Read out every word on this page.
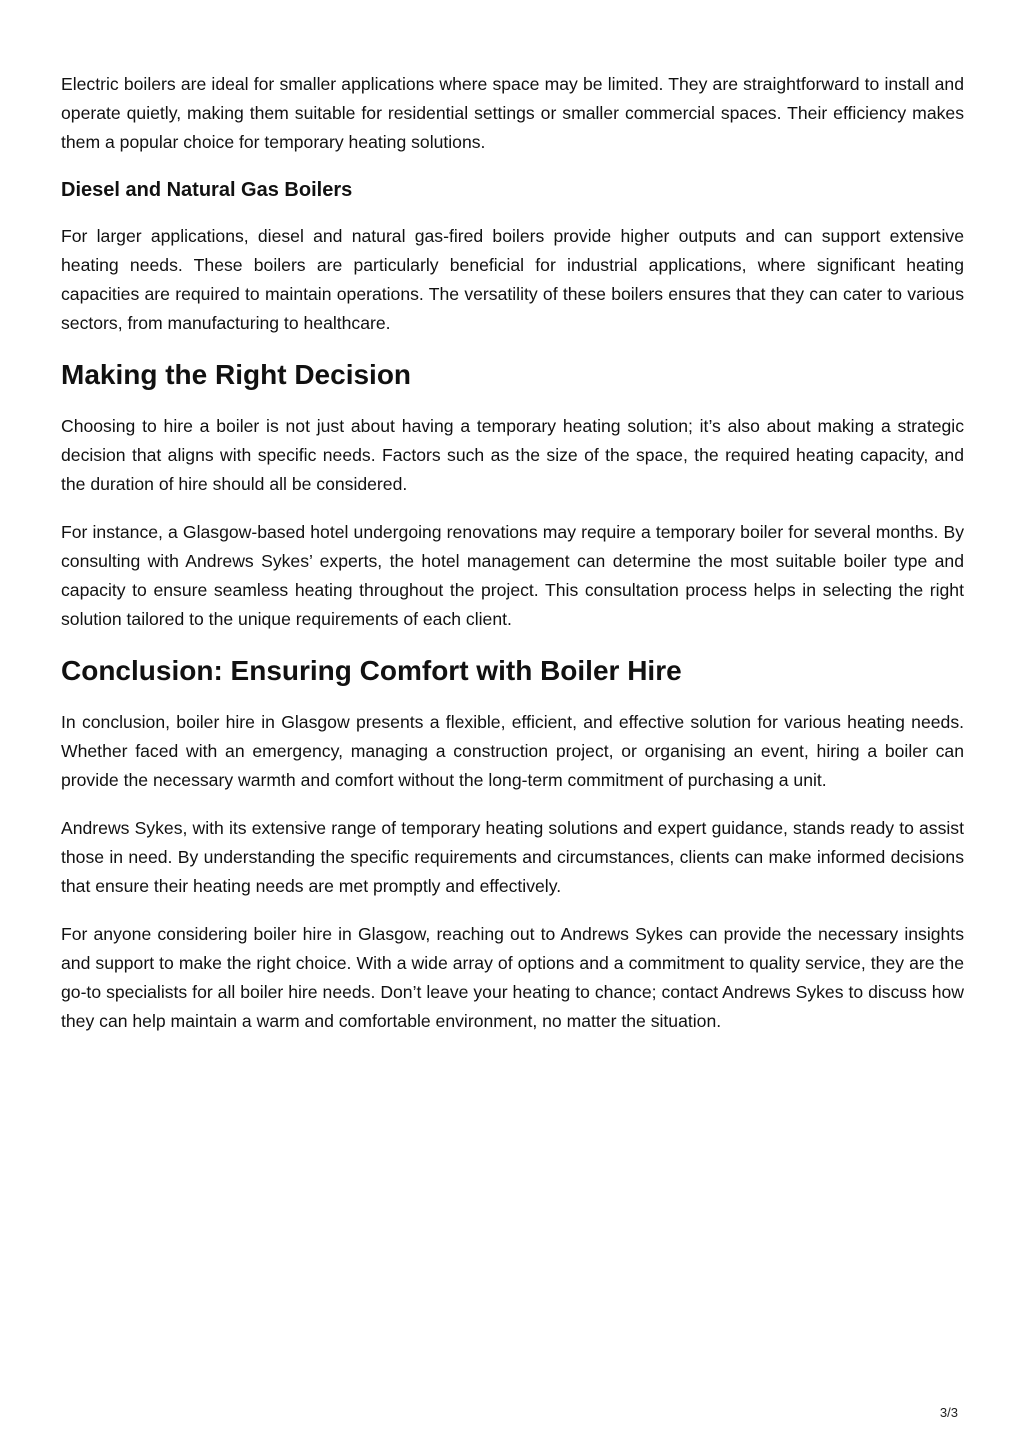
Electric boilers are ideal for smaller applications where space may be limited. They are straightforward to install and operate quietly, making them suitable for residential settings or smaller commercial spaces. Their efficiency makes them a popular choice for temporary heating solutions.

Diesel and Natural Gas Boilers

For larger applications, diesel and natural gas-fired boilers provide higher outputs and can support extensive heating needs. These boilers are particularly beneficial for industrial applications, where significant heating capacities are required to maintain operations. The versatility of these boilers ensures that they can cater to various sectors, from manufacturing to healthcare.

Making the Right Decision

Choosing to hire a boiler is not just about having a temporary heating solution; it’s also about making a strategic decision that aligns with specific needs. Factors such as the size of the space, the required heating capacity, and the duration of hire should all be considered.

For instance, a Glasgow-based hotel undergoing renovations may require a temporary boiler for several months. By consulting with Andrews Sykes’ experts, the hotel management can determine the most suitable boiler type and capacity to ensure seamless heating throughout the project. This consultation process helps in selecting the right solution tailored to the unique requirements of each client.

Conclusion: Ensuring Comfort with Boiler Hire

In conclusion, boiler hire in Glasgow presents a flexible, efficient, and effective solution for various heating needs. Whether faced with an emergency, managing a construction project, or organising an event, hiring a boiler can provide the necessary warmth and comfort without the long-term commitment of purchasing a unit.

Andrews Sykes, with its extensive range of temporary heating solutions and expert guidance, stands ready to assist those in need. By understanding the specific requirements and circumstances, clients can make informed decisions that ensure their heating needs are met promptly and effectively.

For anyone considering boiler hire in Glasgow, reaching out to Andrews Sykes can provide the necessary insights and support to make the right choice. With a wide array of options and a commitment to quality service, they are the go-to specialists for all boiler hire needs. Don’t leave your heating to chance; contact Andrews Sykes to discuss how they can help maintain a warm and comfortable environment, no matter the situation.

3/3
